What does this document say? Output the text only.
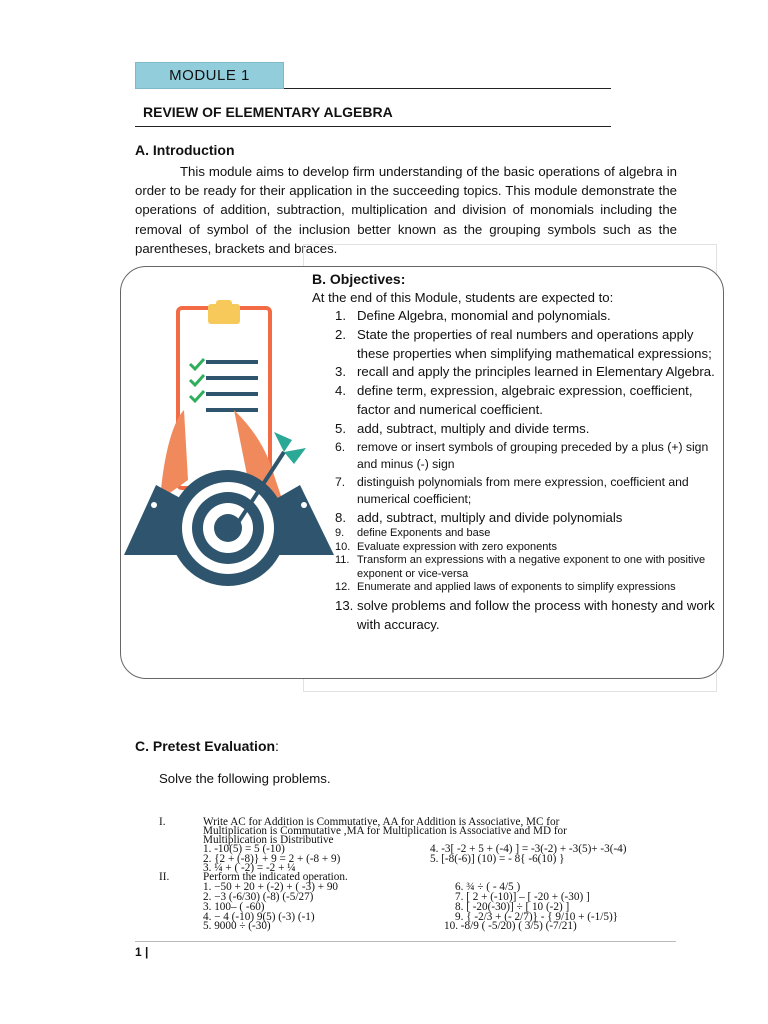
MODULE 1
REVIEW OF ELEMENTARY ALGEBRA
A. Introduction
This module aims to develop firm understanding of the basic operations of algebra in order to be ready for their application in the succeeding topics. This module demonstrate the operations of addition, subtraction, multiplication and division of monomials including the removal of symbol of the inclusion better known as the grouping symbols such as the parentheses, brackets and braces.
B. Objectives:
At the end of this Module, students are expected to:
1. Define Algebra, monomial and polynomials.
2. State the properties of real numbers and operations apply these properties when simplifying mathematical expressions;
3. recall and apply the principles learned in Elementary Algebra.
4. define term, expression, algebraic expression, coefficient, factor and numerical coefficient.
5. add, subtract, multiply and divide terms.
6. remove or insert symbols of grouping preceded by a plus (+) sign and minus (-) sign
7. distinguish polynomials from mere expression, coefficient and numerical coefficient;
8. add, subtract, multiply and divide polynomials
9. define Exponents and base
10. Evaluate expression with zero exponents
11. Transform an expressions with a negative exponent to one with positive exponent or vice-versa
12. Enumerate and applied laws of exponents to simplify expressions
13. solve problems and follow the process with honesty and work with accuracy.
C. Pretest Evaluation:
Solve the following problems.
I.	Write AC for Addition is Commutative, AA for Addition is Associative, MC for
Multiplication is Commutative ,MA for Multiplication is Associative and MD for
Multiplication is Distributive
1. -10(5) = 5 (-10)
2. {2 + (-8)} + 9 = 2 + (-8 + 9)
3. ¼ + ( -2) = -2 + ¼
4. -3[ -2 + 5 + (-4) ] = -3(-2) + -3(5)+ -3(-4)
5. [-8(-6)] (10) = - 8{ -6(10) }
II.	Perform the indicated operation.
1. −50 + 20 + (-2) + ( -3) + 90
2. −3 (-6/30) (-8) (-5/27)
3. 100– ( -60)
4. − 4 (-10) 9(5) (-3) (-1)
5. 9000 ÷ (-30)
6. ¾ ÷ ( - 4/5 )
7. [ 2 + (-10)] – [ -20 + (-30) ]
8. [ -20(-30)] ÷ [ 10 (-2) ]
9. { -2/3 + (- 2/7)} - { 9/10 + (-1/5)}
10. -8/9 ( -5/20) ( 3/5) (-7/21)
1 |
